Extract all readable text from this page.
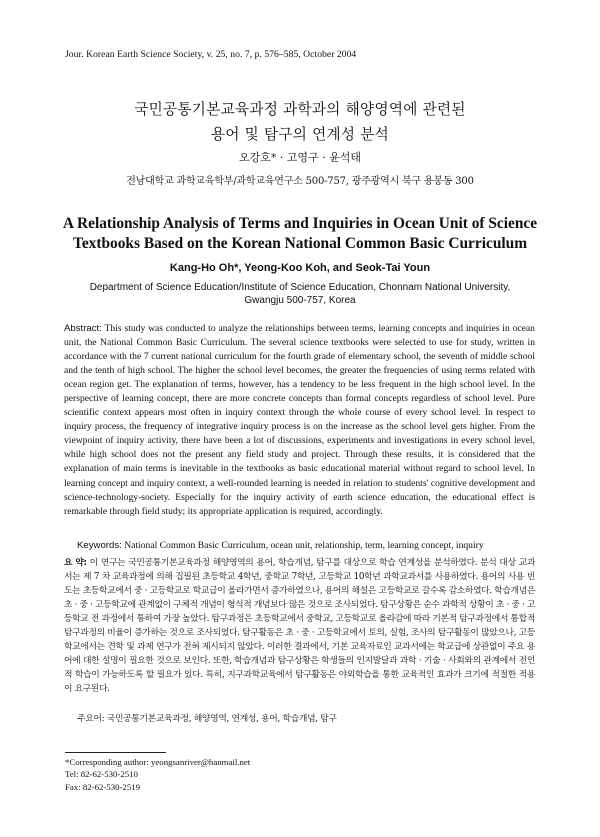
Jour. Korean Earth Science Society, v. 25, no. 7, p. 576–585, October 2004
국민공통기본교육과정 과학과의 해양영역에 관련된
용어 및 탐구의 연계성 분석
오강호* · 고영구 · 윤석태
전남대학교 과학교육학부/과학교육연구소 500-757, 광주광역시 북구 용봉동 300
A Relationship Analysis of Terms and Inquiries in Ocean Unit of Science
Textbooks Based on the Korean National Common Basic Curriculum
Kang-Ho Oh*, Yeong-Koo Koh, and Seok-Tai Youn
Department of Science Education/Institute of Science Education, Chonnam National University, Gwangju 500-757, Korea
Abstract: This study was conducted to analyze the relationships between terms, learning concepts and inquiries in ocean unit, the National Common Basic Curriculum. The several science textbooks were selected to use for study, written in accordance with the 7 current national curriculum for the fourth grade of elementary school, the seventh of middle school and the tenth of high school. The higher the school level becomes, the greater the frequencies of using terms related with ocean region get. The explanation of terms, however, has a tendency to be less frequent in the high school level. In the perspective of learning concept, there are more concrete concepts than formal concepts regardless of school level. Pure scientific context appears most often in inquiry context through the whole course of every school level. In respect to inquiry process, the frequency of integrative inquiry process is on the increase as the school level gets higher. From the viewpoint of inquiry activity, there have been a lot of discussions, experiments and investigations in every school level, while high school does not the present any field study and project. Through these results, it is considered that the explanation of main terms is inevitable in the textbooks as basic educational material without regard to school level. In learning concept and inquiry context, a well-rounded learning is needed in relation to students' cognitive development and science-technology-society. Especially for the inquiry activity of earth science education, the educational effect is remarkable through field study; its appropriate application is required, accordingly.
Keywords: National Common Basic Curriculum, ocean unit, relationship, term, learning concept, inquiry
요 약: 이 연구는 국민공통기본교육과정 해양영역의 용어, 학습개념, 탐구를 대상으로 학습 연계성을 분석하였다. 분석 대상 교과서는 제 7 차 교육과정에 의해 집필된 초등학교 4학년, 중학교 7학년, 고등학교 10학년 과학교과서를 사용하였다. 용어의 사용 빈도는 초등학교에서 중 · 고등학교로 학교급이 올라가면서 증가하였으나, 용어의 해설은 고등학교로 갈수록 감소하였다. 학습개념은 초 · 중 · 고등학교에 관계없이 구체적 개념이 형식적 개념보다 많은 것으로 조사되었다. 탐구상황은 순수 과학적 상황이 초 · 중 · 고등학교 전 과정에서 통하여 가장 높았다. 탐구과정은 초등학교에서 중학교, 고등학교로 올라감에 따라 기본적 탐구과정에서 통합적 탐구과정의 비율이 증가하는 것으로 조사되었다. 탐구활동은 초 · 중 · 고등학교에서 토의, 실험, 조사의 탐구활동이 많았으나, 고등학교에서는 견학 및 과제 연구가 전혀 제시되지 않았다. 이러한 결과에서, 기본 교육자료인 교과서에는 학교급에 상관없이 주요 용어에 대한 설명이 필요한 것으로 보인다. 또한, 학습개념과 탐구상황은 학생들의 인지발달과 과학 · 기술 · 사회와의 관계에서 전인적 학습이 가능하도록 할 필요가 있다. 특히, 지구과학교육에서 탐구활동은 야외학습을 통한 교육적인 효과가 크기에 적절한 적용이 요구된다.
주요어: 국민공통기본교육과정, 해양영역, 연계성, 용어, 학습개념, 탐구
*Corresponding author: yeongsanriver@hanmail.net
Tel: 82-62-530-2510
Fax: 82-62-530-2519
